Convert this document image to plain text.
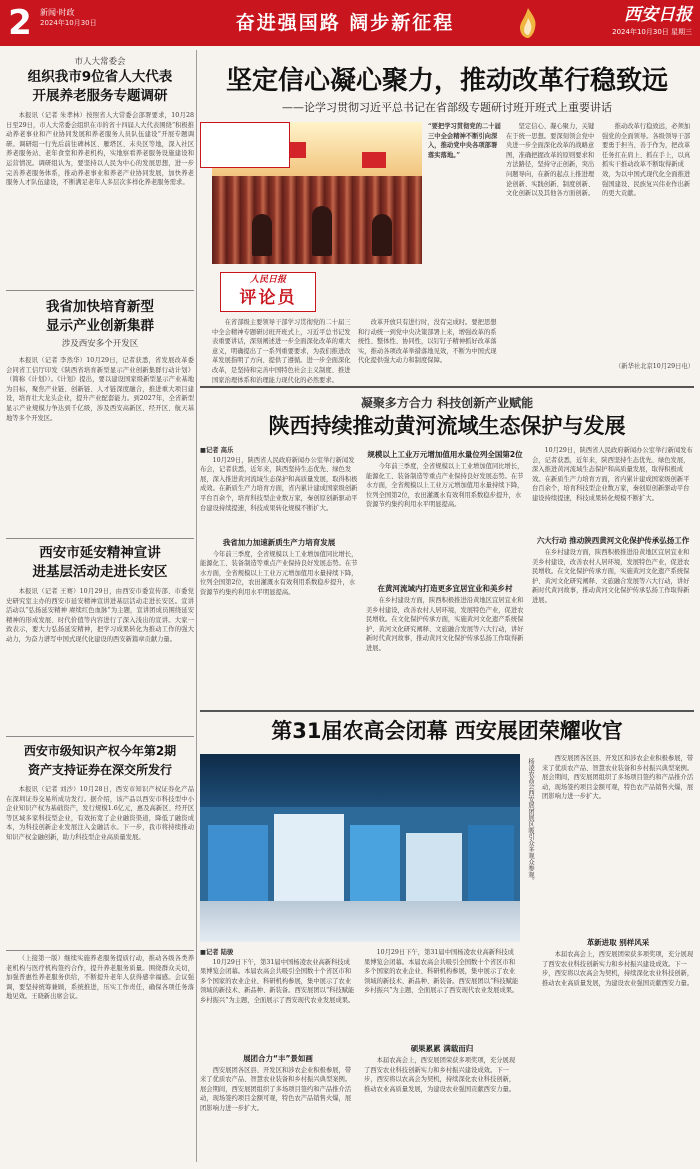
2	新闻·时政
2024年10月30日	奋进强国路 阔步新征程	西安日报
2024年10月30日 星期三
市人大常委会
组织我市9位省人大代表
开展养老服务专题调研
本报讯（记者 朱孝林）按照省人大常委会部署要求，10月28日至29日，市人大常委会组织在市的省十四届人大代表围绕“积极推动养老事业和产业协同发展和养老服务人员队伍建设”开展专题调研。调研组一行先后前往碑林区、雁塔区、未央区等地，深入社区养老服务站、老年食堂和养老机构，实地察看养老服务设施建设和运营情况。调研组认为，要坚持以人民为中心的发展思想，进一步完善养老服务体系，推动养老事业和养老产业协同发展，加快养老服务人才队伍建设，不断满足老年人多层次多样化养老服务需求。
我省加快培育新型
显示产业创新集群
涉及西安多个开发区
本报讯（记者 李然华）10月29日，记者获悉，省发展改革委会同省工信厅印发《陕西省培育新型显示产业创新集群行动计划》（简称《计划》）。《计划》提出，要以建设国家级新型显示产业基地为目标，聚焦产业链、创新链、人才链深度融合，推进重大项目建设，培育壮大龙头企业，提升产业配套能力。到2027年，全省新型显示产业规模力争达到千亿级，涉及西安高新区、经开区、航天基地等多个开发区。
西安市延安精神宣讲
进基层活动走进长安区
本报讯（记者 王赛）10月29日，由西安市委宣传部、市委党史研究室主办的西安市延安精神宣讲进基层活动走进长安区。宣讲活动以“弘扬延安精神 赓续红色血脉”为主题，宣讲团成员围绕延安精神的形成发展、时代价值等内容进行了深入浅出的宣讲。大家一致表示，要大力弘扬延安精神，把学习成果转化为推动工作的强大动力，为奋力谱写中国式现代化建设的西安新篇章贡献力量。
西安市级知识产权今年第2期
资产支持证券在深交所发行
本报讯（记者 刘沙）10月28日，西安市知识产权证券化产品在深圳证券交易所成功发行。据介绍，该产品以西安市科技型中小企业知识产权为基础资产，发行规模1.6亿元，惠及高新区、经开区等区域多家科技型企业，有效拓宽了企业融资渠道，降低了融资成本，为科技创新企业发展注入金融活水。下一步，我市将持续推动知识产权金融创新，助力科技型企业高质量发展。
（上接第一版）继续实施养老服务提质行动，推动各级各类养老机构与医疗机构签约合作，提升养老服务质量。围绕群众关切，加强普惠性养老服务供给，不断提升老年人获得感幸福感。会议强调，要坚持统筹兼顾，系统推进，压实工作责任，确保各项任务落地见效。王晓新出席会议。
坚定信心凝心聚力，推动改革行稳致远
——论学习贯彻习近平总书记在省部级专题研讨班开班式上重要讲话
“要把学习贯彻党的二十届三中全会精神不断引向深入，推动党中央各项部署落实落地。”
坚定信心、凝心聚力，关键在于统一思想。要深刻领会党中央进一步全面深化改革的战略意图，准确把握改革的原则要求和方法路径，坚持守正创新，突出问题导向，在新的起点上推进理论创新、实践创新、制度创新、文化创新以及其他各方面创新。
推动改革行稳致远，必须加强党的全面领导。各级领导干部要勇于担当、善于作为，把改革任务扛在肩上、抓在手上，以真抓实干推动改革不断取得新成效，为以中国式现代化全面推进强国建设、民族复兴伟业作出新的更大贡献。
（新华社北京10月29日电）
在省部级主要领导干部学习贯彻党的二十届三中全会精神专题研讨班开班式上，习近平总书记发表重要讲话，深刻阐述进一步全面深化改革的重大意义，明确提出了一系列重要要求，为我们推进改革发展指明了方向、提供了遵循。进一步全面深化改革，是坚持和完善中国特色社会主义制度、推进国家治理体系和治理能力现代化的必然要求。
改革开放只有进行时，没有完成时。要把思想和行动统一到党中央决策部署上来，增强改革的系统性、整体性、协同性，以钉钉子精神抓好改革落实，推动各项改革举措落地见效，不断为中国式现代化提供强大动力和制度保障。
人民日报
评论员
凝聚多方合力 科技创新产业赋能
陕西持续推动黄河流域生态保护与发展
■记者 高乐
10月29日，陕西省人民政府新闻办公室举行新闻发布会，记者获悉，近年来，陕西坚持生态优先、绿色发展，深入推进黄河流域生态保护和高质量发展，取得积极成效。在新质生产力培育方面，省内累计建成国家级创新平台百余个，培育科技型企业数万家，秦创原创新驱动平台建设持续提速，科技成果转化规模不断扩大。
我省加力加速新质生产力培育发展
今年前三季度，全省规模以上工业增加值同比增长，能源化工、装备制造等重点产业保持良好发展态势。在节水方面，全省规模以上工业万元增加值用水量持续下降，位列全国第2位，农田灌溉水有效利用系数稳步提升，水资源节约集约利用水平明显提高。
规模以上工业万元增加值用水量位列全国第2位
今年前三季度，全省规模以上工业增加值同比增长，能源化工、装备制造等重点产业保持良好发展态势。在节水方面，全省规模以上工业万元增加值用水量持续下降，位列全国第2位，农田灌溉水有效利用系数稳步提升，水资源节约集约利用水平明显提高。
在黄河流域内打造更多宜居宜业和美乡村
在乡村建设方面，陕西积极推进沿黄地区宜居宜业和美乡村建设，改善农村人居环境，发展特色产业，促进农民增收。在文化保护传承方面，实施黄河文化遗产系统保护、黄河文化研究阐释、文旅融合发展等六大行动，讲好新时代黄河故事，推动黄河文化保护传承弘扬工作取得新进展。
10月29日，陕西省人民政府新闻办公室举行新闻发布会，记者获悉，近年来，陕西坚持生态优先、绿色发展，深入推进黄河流域生态保护和高质量发展，取得积极成效。在新质生产力培育方面，省内累计建成国家级创新平台百余个，培育科技型企业数万家，秦创原创新驱动平台建设持续提速，科技成果转化规模不断扩大。
六大行动 推动陕西黄河文化保护传承弘扬工作
在乡村建设方面，陕西积极推进沿黄地区宜居宜业和美乡村建设，改善农村人居环境，发展特色产业，促进农民增收。在文化保护传承方面，实施黄河文化遗产系统保护、黄河文化研究阐释、文旅融合发展等六大行动，讲好新时代黄河故事，推动黄河文化保护传承弘扬工作取得新进展。
第31届农高会闭幕 西安展团荣耀收官
杨凌农高会西安展团展区吸引众多观众参观。	西安展团各区县、开发区和涉农企业积极参展，带来了优质农产品、智慧农业装备和乡村振兴典型案例。展会期间，西安展团组织了多场项目签约和产品推介活动，现场签约项目金额可观，特色农产品销售火爆，展团影响力进一步扩大。
革新进取 别样风采
本届农高会上，西安展团荣获多项奖项，充分展现了西安农业科技创新实力和乡村振兴建设成效。下一步，西安将以农高会为契机，持续深化农业科技创新，推动农业高质量发展，为建设农业强国贡献西安力量。
■记者 陆骏
10月29日下午，第31届中国杨凌农业高新科技成果博览会闭幕。本届农高会共吸引全国数十个省区市和多个国家的农业企业、科研机构参展，集中展示了农业领域的新技术、新品种、新装备。西安展团以“科技赋能 乡村振兴”为主题，全面展示了西安现代农业发展成果。
展团合力“丰”景如画
西安展团各区县、开发区和涉农企业积极参展，带来了优质农产品、智慧农业装备和乡村振兴典型案例。展会期间，西安展团组织了多场项目签约和产品推介活动，现场签约项目金额可观，特色农产品销售火爆，展团影响力进一步扩大。
10月29日下午，第31届中国杨凌农业高新科技成果博览会闭幕。本届农高会共吸引全国数十个省区市和多个国家的农业企业、科研机构参展，集中展示了农业领域的新技术、新品种、新装备。西安展团以“科技赋能 乡村振兴”为主题，全面展示了西安现代农业发展成果。
硕果累累 满载而归
本届农高会上，西安展团荣获多项奖项，充分展现了西安农业科技创新实力和乡村振兴建设成效。下一步，西安将以农高会为契机，持续深化农业科技创新，推动农业高质量发展，为建设农业强国贡献西安力量。
